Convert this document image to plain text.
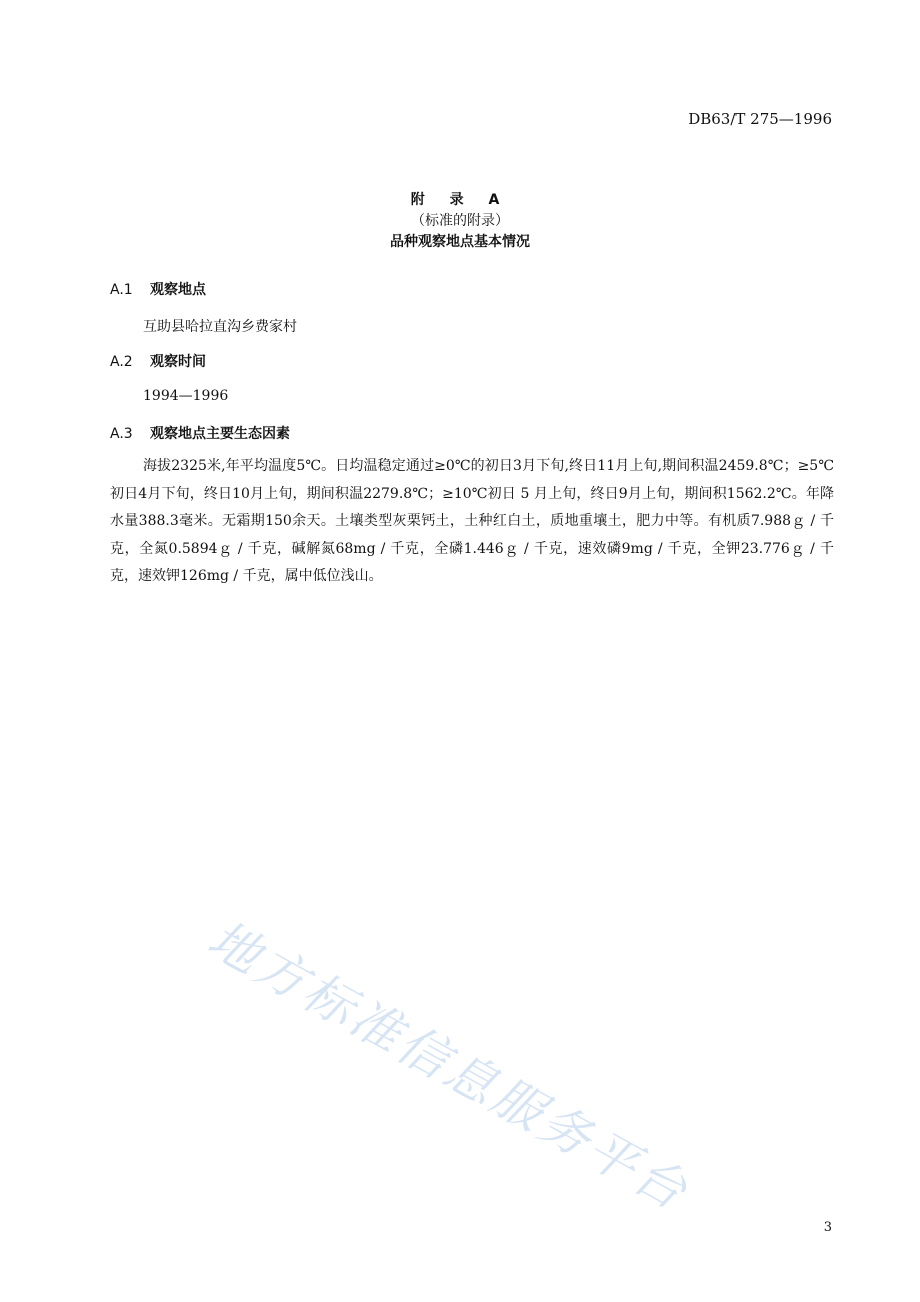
DB63/T 275—1996
附 录 A
（标准的附录）
品种观察地点基本情况
A.1 观察地点
互助县哈拉直沟乡费家村
A.2 观察时间
1994—1996
A.3 观察地点主要生态因素
海拔2325米,年平均温度5℃。日均温稳定通过≥0℃的初日3月下旬,终日11月上旬,期间积温2459.8℃；≥5℃初日4月下旬，终日10月上旬，期间积温2279.8℃；≥10℃初日 5 月上旬，终日9月上旬，期间积1562.2℃。年降水量388.3毫米。无霜期150余天。土壤类型灰栗钙土，土种红白土，质地重壤土，肥力中等。有机质7.988ｇ / 千克，全氮0.5894ｇ / 千克，碱解氮68mg / 千克，全磷1.446ｇ / 千克，速效磷9mg / 千克，全钾23.776ｇ / 千克，速效钾126mg / 千克，属中低位浅山。
地方标准信息服务平台
3
